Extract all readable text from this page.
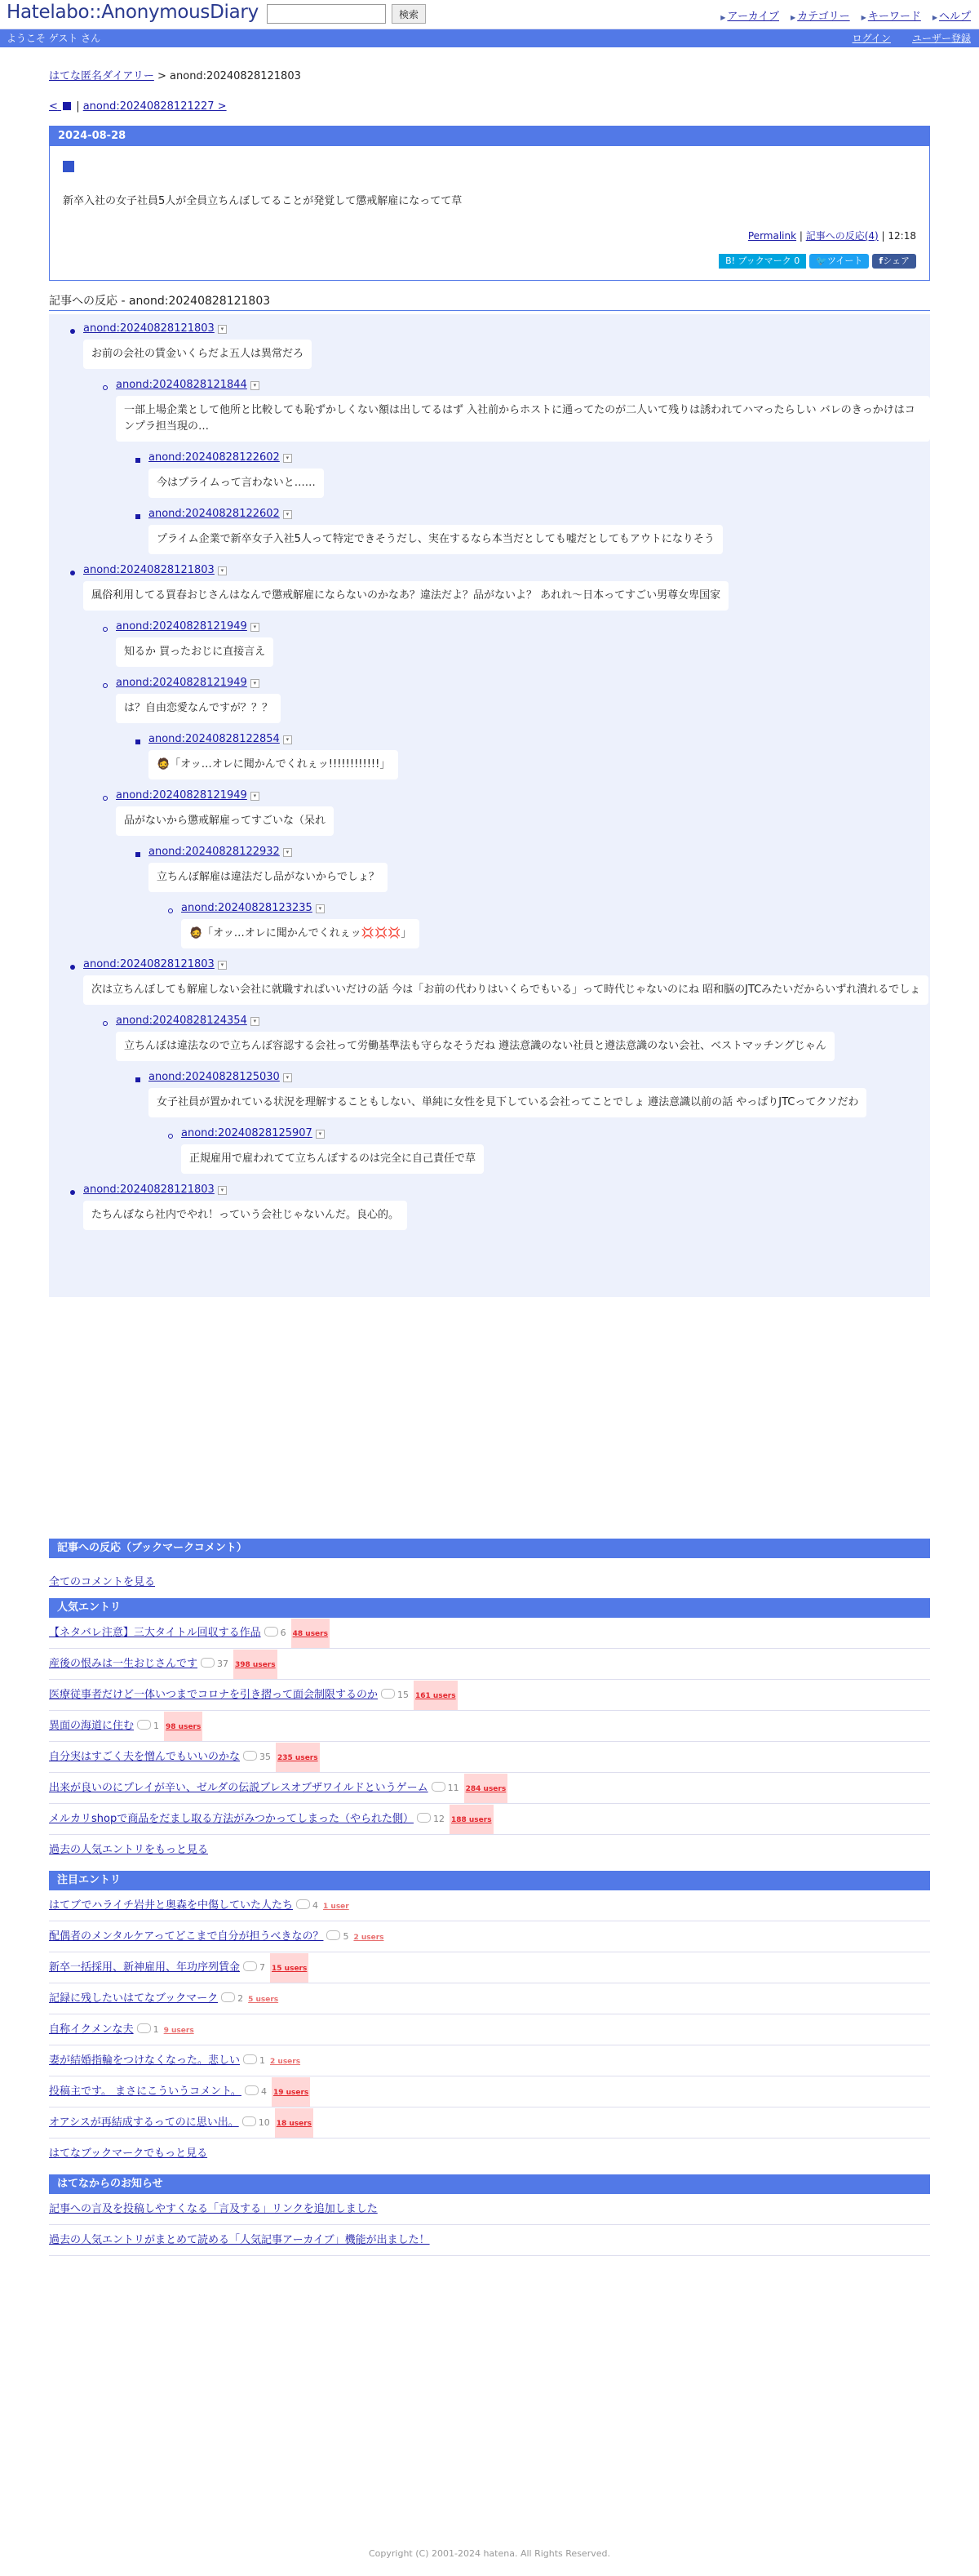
Hatelabo::AnonymousDiary	検索	▶ アーカイブ ▶ カテゴリー ▶ キーワード ▶ ヘルプ
ようこそ ゲスト さん	ログイン ユーザー登録
はてな匿名ダイアリー > anond:20240828121803
< | anond:20240828121227 >
2024-08-28
新卒入社の女子社員5人が全員立ちんぼしてることが発覚して懲戒解雇になってて草
Permalink | 記事への反応(4) | 12:18
B! ブックマーク 0 🐦ツイート fシェア
記事への反応 - anond:20240828121803
anond:20240828121803 ▾
お前の会社の賃金いくらだよ五人は異常だろ
anond:20240828121844 ▾
一部上場企業として他所と比較しても恥ずかしくない額は出してるはず 入社前からホストに通ってたのが二人いて残りは誘われてハマったらしい バレのきっかけはコンプラ担当現の…
anond:20240828122602 ▾
今はプライムって言わないと……
anond:20240828122602 ▾
プライム企業で新卒女子入社5人って特定できそうだし、実在するなら本当だとしても嘘だとしてもアウトになりそう
anond:20240828121803 ▾
風俗利用してる買春おじさんはなんで懲戒解雇にならないのかなあ？違法だよ？品がないよ？ あれれ〜日本ってすごい男尊女卑国家
anond:20240828121949 ▾
知るか 買ったおじに直接言え
anond:20240828121949 ▾
は？自由恋愛なんですが？？？
anond:20240828122854 ▾
🧔「オッ…オレに聞かんでくれぇッ!!!!!!!!!!!!」
anond:20240828121949 ▾
品がないから懲戒解雇ってすごいな（呆れ
anond:20240828122932 ▾
立ちんぼ解雇は違法だし品がないからでしょ？
anond:20240828123235 ▾
🧔「オッ…オレに聞かんでくれぇッ💢💢💢」
anond:20240828121803 ▾
次は立ちんぼしても解雇しない会社に就職すればいいだけの話 今は「お前の代わりはいくらでもいる」って時代じゃないのにね 昭和脳のJTCみたいだからいずれ潰れるでしょ
anond:20240828124354 ▾
立ちんぼは違法なので立ちんぼ容認する会社って労働基準法も守らなそうだね 遵法意識のない社員と遵法意識のない会社、ベストマッチングじゃん
anond:20240828125030 ▾
女子社員が置かれている状況を理解することもしない、単純に女性を見下している会社ってことでしょ 遵法意識以前の話 やっぱりJTCってクソだわ
anond:20240828125907 ▾
正規雇用で雇われてて立ちんぼするのは完全に自己責任で草
anond:20240828121803 ▾
たちんぼなら社内でやれ！っていう会社じゃないんだ。良心的。
記事への反応（ブックマークコメント）
全てのコメントを見る
人気エントリ
【ネタバレ注意】三大タイトル回収する作品 6 48 users
産後の恨みは一生おじさんです 37 398 users
医療従事者だけど一体いつまでコロナを引き摺って面会制限するのか 15 161 users
異面の海道に住む 1 98 users
自分実はすごく夫を憎んでもいいのかな 35 235 users
出来が良いのにプレイが辛い、ゼルダの伝説ブレスオブザワイルドというゲーム 11 284 users
メルカリshopで商品をだまし取る方法がみつかってしまった（やられた側） 12 188 users
過去の人気エントリをもっと見る
注目エントリ
はてブでハライチ岩井と奥森を中傷していた人たち 4 1 user
配偶者のメンタルケアってどこまで自分が担うべきなの？ 5 2 users
新卒一括採用、新神雇用、年功序列賃金 7 15 users
記録に残したいはてなブックマーク 2 5 users
自称イクメンな夫 1 9 users
妻が結婚指輪をつけなくなった。悲しい 1 2 users
投稿主です。 まさにこういうコメント。 4 19 users
オアシスが再結成するってのに思い出。 10 18 users
はてなブックマークでもっと見る
はてなからのお知らせ
記事への言及を投稿しやすくなる「言及する」リンクを追加しました
過去の人気エントリがまとめて読める「人気記事アーカイブ」機能が出ました！
Copyright (C) 2001-2024 hatena. All Rights Reserved.
